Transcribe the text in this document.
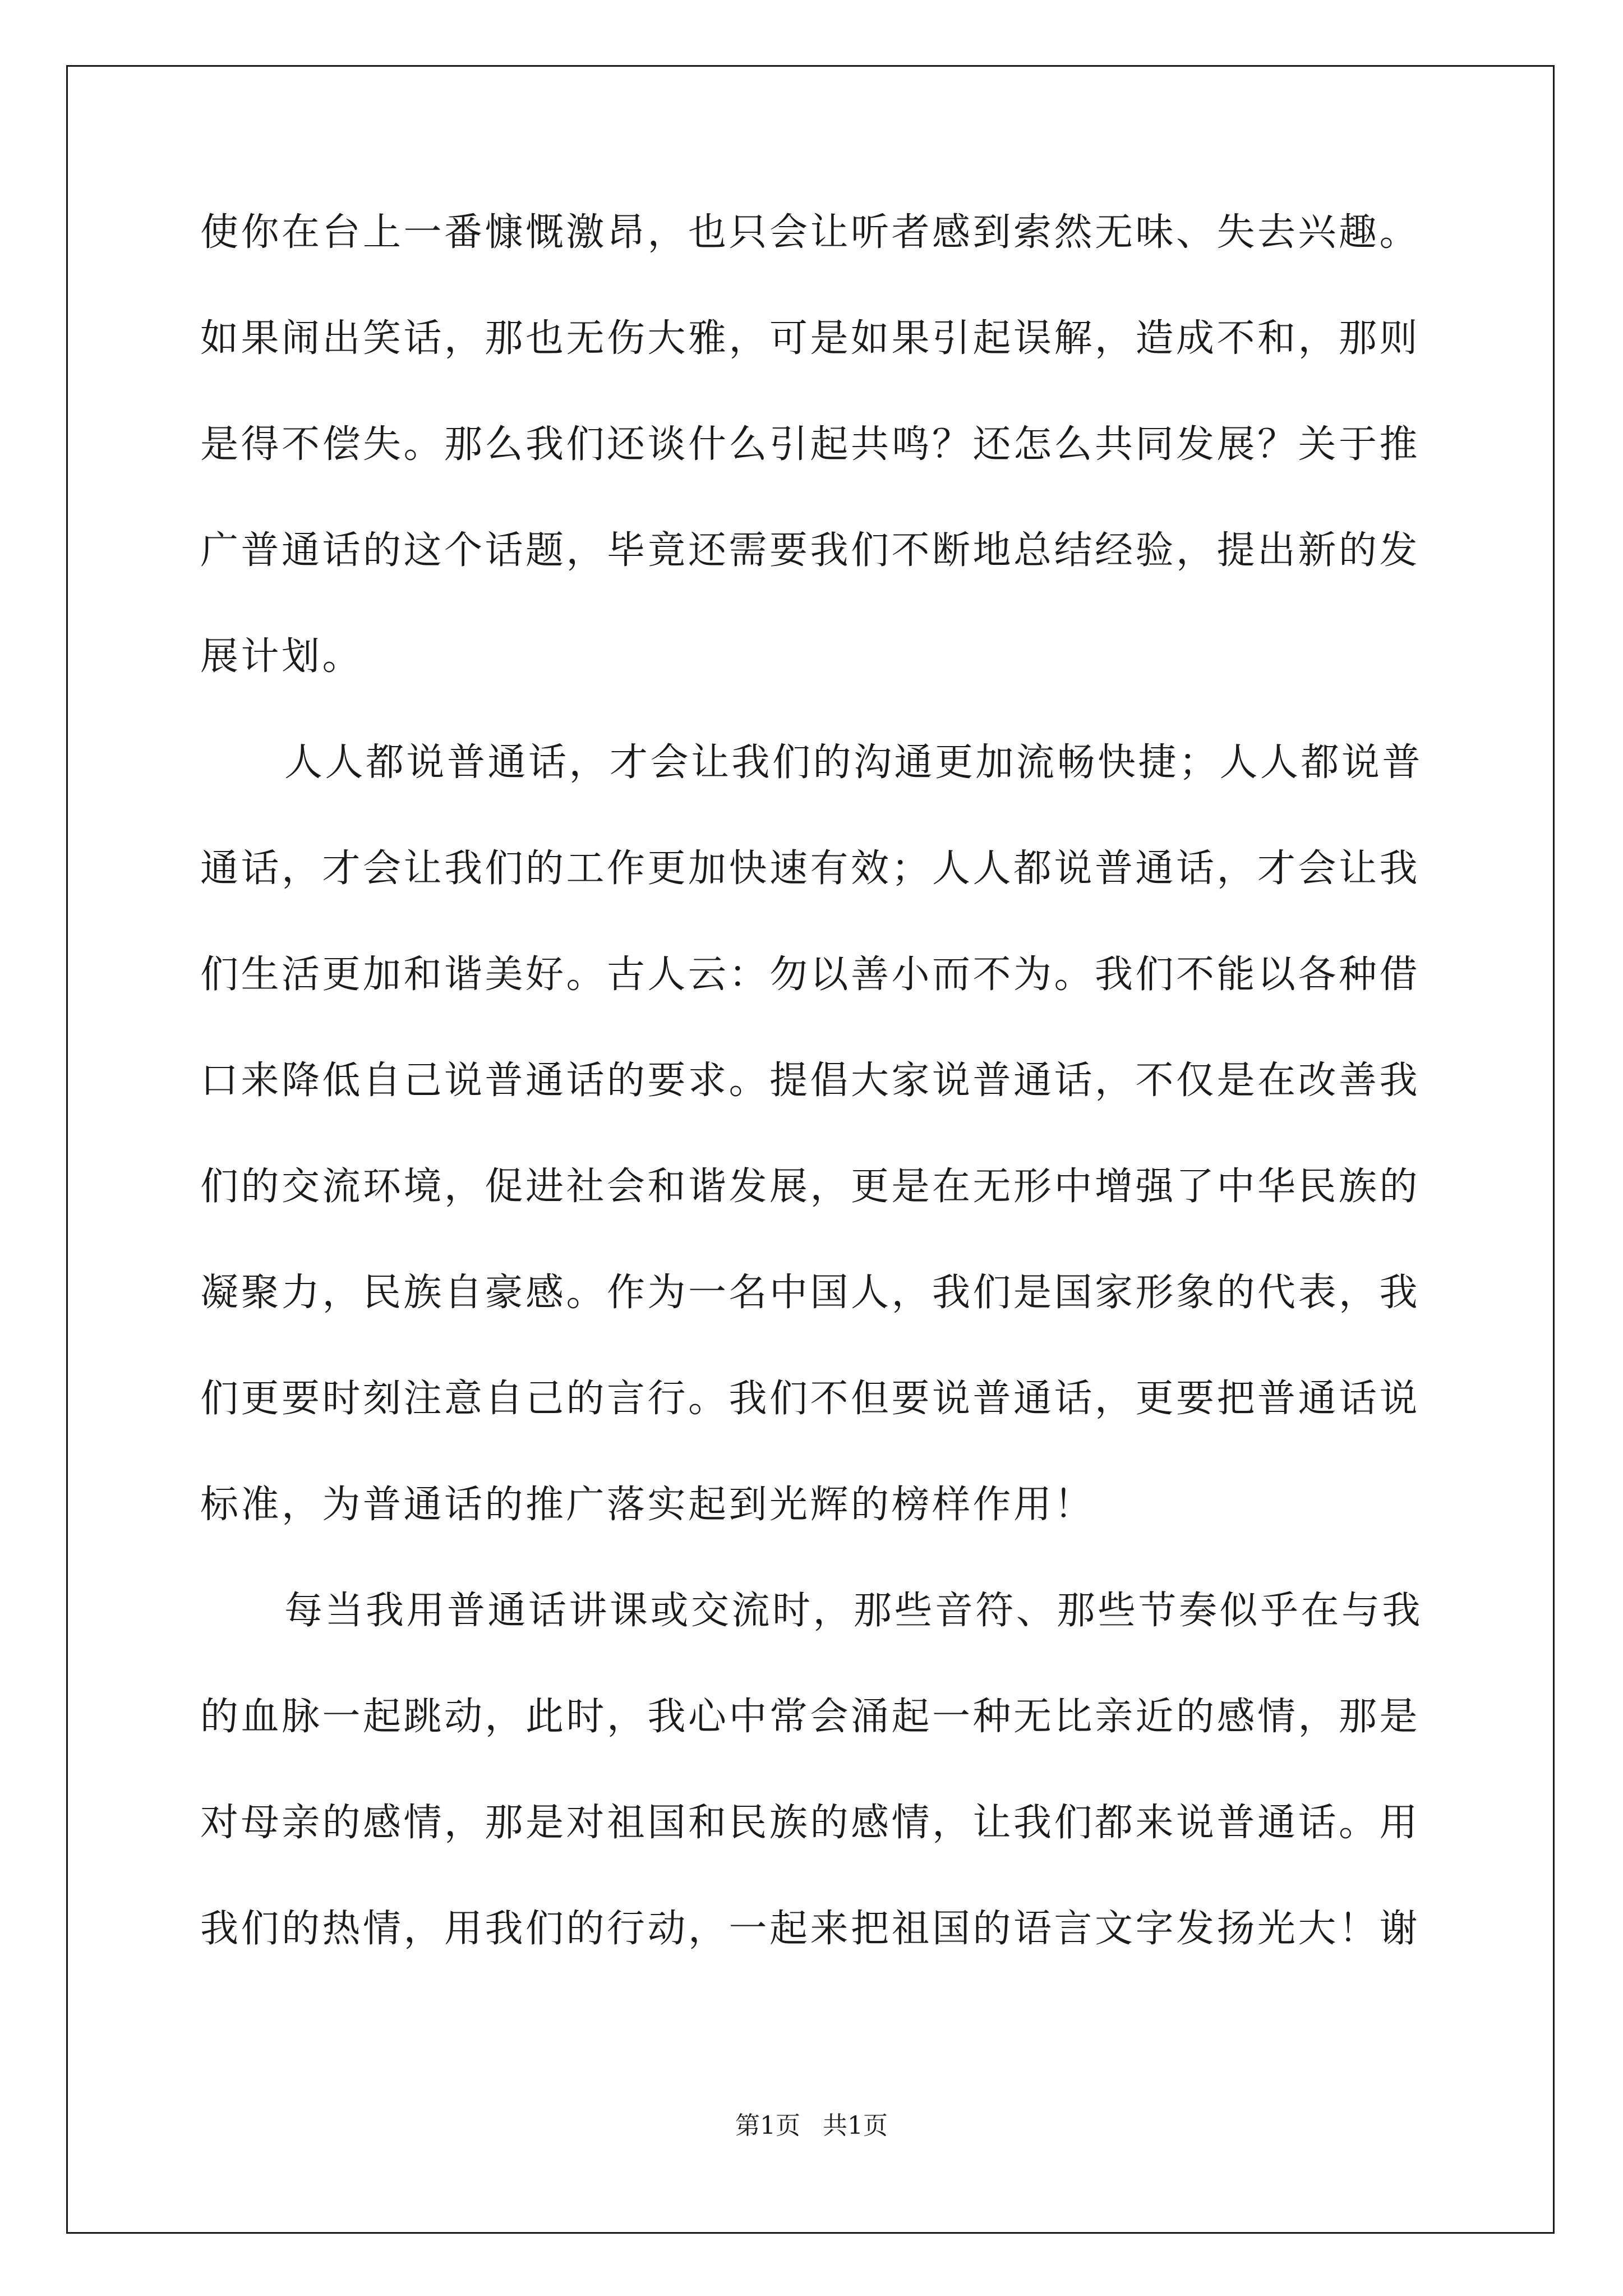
使你在台上一番慷慨激昂，也只会让听者感到索然无味、失去兴趣。
如果闹出笑话，那也无伤大雅，可是如果引起误解，造成不和，那则
是得不偿失。那么我们还谈什么引起共鸣？还怎么共同发展？关于推
广普通话的这个话题，毕竟还需要我们不断地总结经验，提出新的发
展计划。
人人都说普通话，才会让我们的沟通更加流畅快捷；人人都说普
通话，才会让我们的工作更加快速有效；人人都说普通话，才会让我
们生活更加和谐美好。古人云：勿以善小而不为。我们不能以各种借
口来降低自己说普通话的要求。提倡大家说普通话，不仅是在改善我
们的交流环境，促进社会和谐发展，更是在无形中增强了中华民族的
凝聚力，民族自豪感。作为一名中国人，我们是国家形象的代表，我
们更要时刻注意自己的言行。我们不但要说普通话，更要把普通话说
标准，为普通话的推广落实起到光辉的榜样作用！
每当我用普通话讲课或交流时，那些音符、那些节奏似乎在与我
的血脉一起跳动，此时，我心中常会涌起一种无比亲近的感情，那是
对母亲的感情，那是对祖国和民族的感情，让我们都来说普通话。用
我们的热情，用我们的行动，一起来把祖国的语言文字发扬光大！谢
第1页 共1页
